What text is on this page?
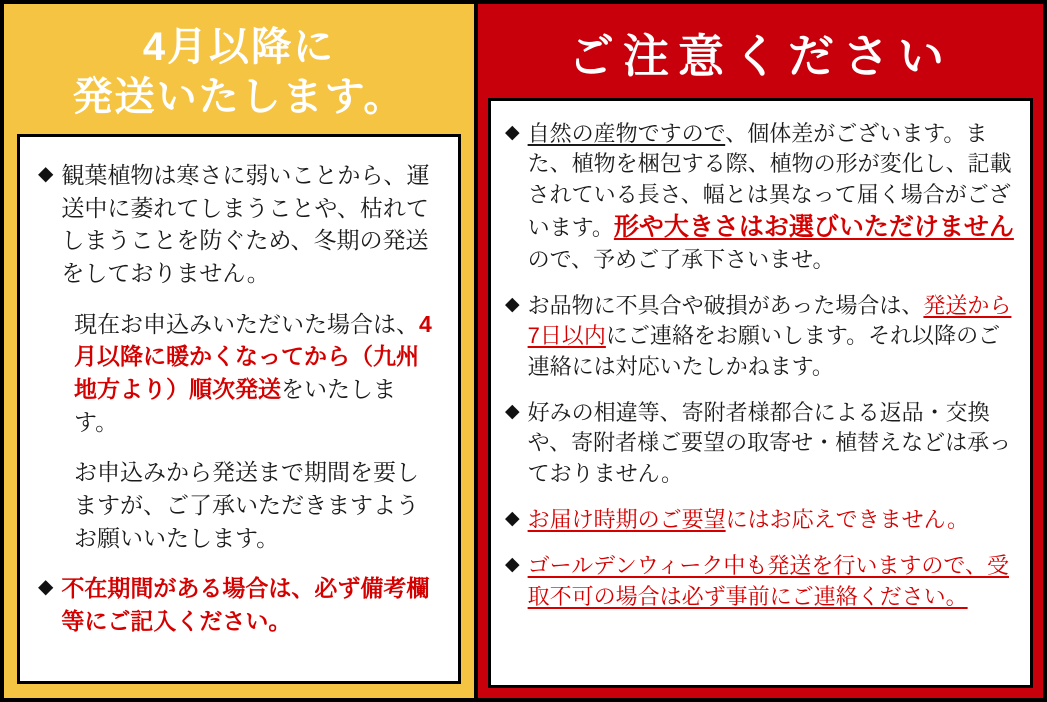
4月以降に
発送いたします。
◆ 観葉植物は寒さに弱いことから、運送中に萎れてしまうことや、枯れてしまうことを防ぐため、冬期の発送をしておりません。
現在お申込みいただいた場合は、4月以降に暖かくなってから（九州地方より）順次発送をいたします。
お申込みから発送まで期間を要しますが、ご了承いただきますようお願いいたします。
◆ 不在期間がある場合は、必ず備考欄等にご記入ください。
ご注意ください
◆ 自然の産物ですので、個体差がございます。また、植物を梱包する際、植物の形が変化し、記載されている長さ、幅とは異なって届く場合がございます。形や大きさはお選びいただけませんので、予めご了承下さいませ。
◆ お品物に不具合や破損があった場合は、発送から7日以内にご連絡をお願いします。それ以降のご連絡には対応いたしかねます。
◆ 好みの相違等、寄附者様都合による返品・交換や、寄附者様ご要望の取寄せ・植替えなどは承っておりません。
◆ お届け時期のご要望にはお応えできません。
◆ ゴールデンウィーク中も発送を行いますので、受取不可の場合は必ず事前にご連絡ください。
